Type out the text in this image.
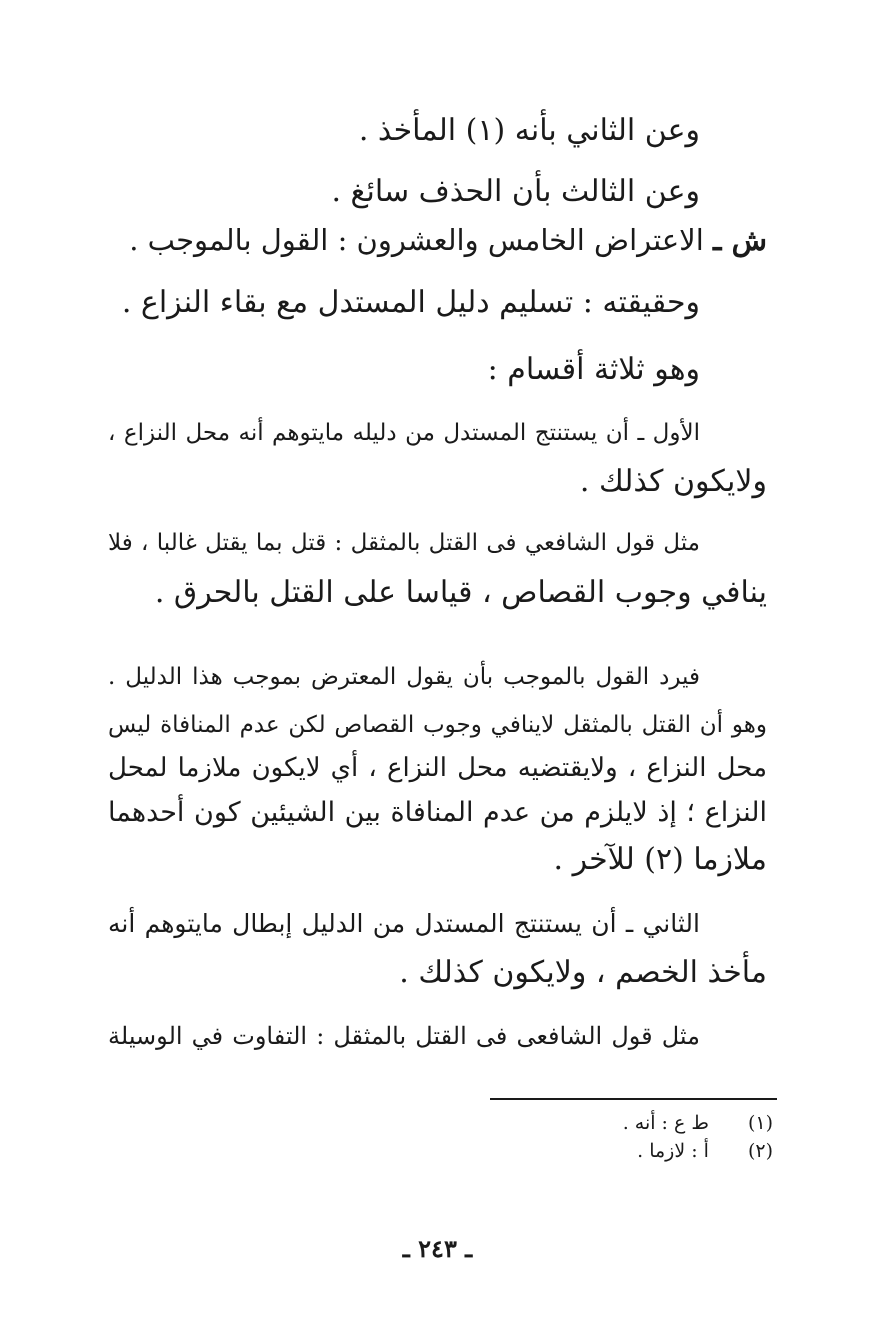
وعن الثاني بأنه (١) المأخذ .
وعن الثالث بأن الحذف سائغ .
ش ـ الاعتراض الخامس والعشرون : القول بالموجب .
وحقيقته : تسليم دليل المستدل مع بقاء النزاع .
وهو ثلاثة أقسام :
الأول ـ أن يستنتج المستدل من دليله مايتوهم أنه محل النزاع ،
ولايكون كذلك .
مثل قول الشافعي فى القتل بالمثقل : قتل بما يقتل غالبا ، فلا
ينافي وجوب القصاص ، قياسا على القتل بالحرق .
فيرد القول بالموجب بأن يقول المعترض بموجب هذا الدليل .
وهو أن القتل بالمثقل لاينافي وجوب القصاص لكن عدم المنافاة ليس
محل النزاع ، ولايقتضيه محل النزاع ، أي لايكون ملازما لمحل
النزاع ؛ إذ لايلزم من عدم المنافاة بين الشيئين كون أحدهما
ملازما (٢) للآخر .
الثاني ـ أن يستنتج المستدل من الدليل إبطال مايتوهم أنه
مأخذ الخصم ، ولايكون كذلك .
مثل قول الشافعى فى القتل بالمثقل : التفاوت في الوسيلة
(١) ط ع : أنه .
(٢) أ : لازما .
ـ ٢٤٣ ـ
